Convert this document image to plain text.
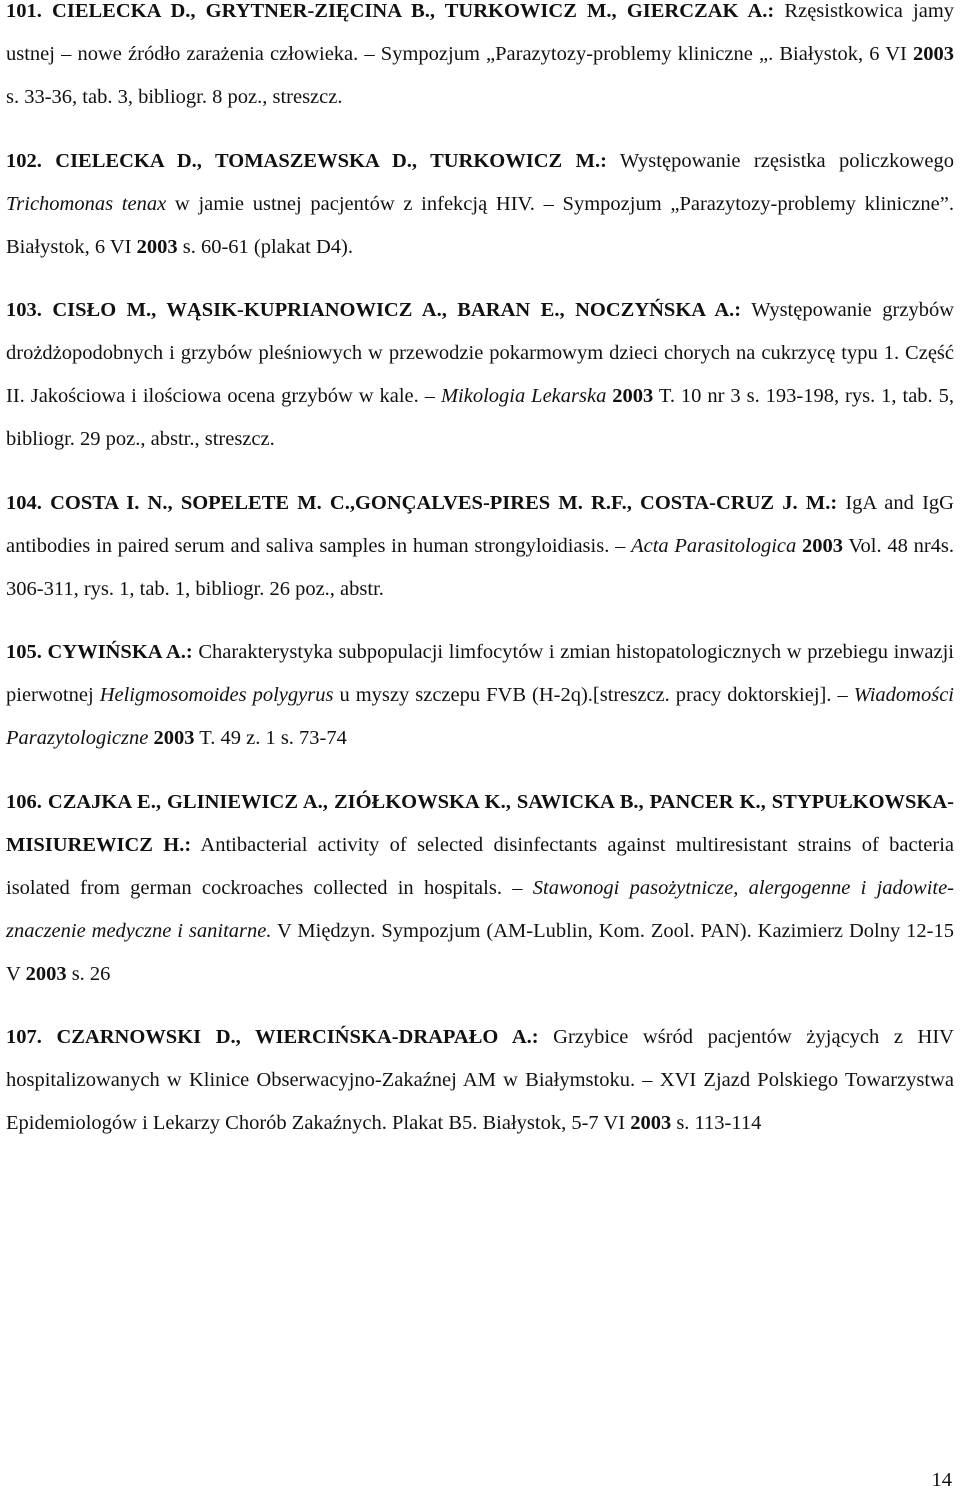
101. CIELECKA D., GRYTNER-ZIĘCINA B., TURKOWICZ M., GIERCZAK A.: Rzęsistkowica jamy ustnej – nowe źródło zarażenia człowieka. – Sympozjum „Parazytozy-problemy kliniczne „. Białystok, 6 VI 2003 s. 33-36, tab. 3, bibliogr. 8 poz., streszcz.

102. CIELECKA D., TOMASZEWSKA D., TURKOWICZ M.: Występowanie rzęsistka policzkowego Trichomonas tenax w jamie ustnej pacjentów z infekcją HIV. – Sympozjum „Parazytozy-problemy kliniczne”. Białystok, 6 VI 2003 s. 60-61 (plakat D4).

103. CISŁO M., WĄSIK-KUPRIANOWICZ A., BARAN E., NOCZYŃSKA A.: Występowanie grzybów drożdżopodobnych i grzybów pleśniowych w przewodzie pokarmowym dzieci chorych na cukrzycę typu 1. Część II. Jakościowa i ilościowa ocena grzybów w kale. – Mikologia Lekarska 2003 T. 10 nr 3 s. 193-198, rys. 1, tab. 5, bibliogr. 29 poz., abstr., streszcz.

104. COSTA I. N., SOPELETE M. C.,GONÇALVES-PIRES M. R.F., COSTA-CRUZ J. M.: IgA and IgG antibodies in paired serum and saliva samples in human strongyloidiasis. – Acta Parasitologica 2003 Vol. 48 nr4s. 306-311, rys. 1, tab. 1, bibliogr. 26 poz., abstr.

105. CYWIŃSKA A.: Charakterystyka subpopulacji limfocytów i zmian histopatologicznych w przebiegu inwazji pierwotnej Heligmosomoides polygyrus u myszy szczepu FVB (H-2q).[streszcz. pracy doktorskiej]. – Wiadomości Parazytologiczne 2003 T. 49 z. 1 s. 73-74

106. CZAJKA E., GLINIEWICZ A., ZIÓŁKOWSKA K., SAWICKA B., PANCER K., STYPUŁKOWSKA-MISIUREWICZ H.: Antibacterial activity of selected disinfectants against multiresistant strains of bacteria isolated from german cockroaches collected in hospitals. – Stawonogi pasożytnicze, alergogenne i jadowite-znaczenie medyczne i sanitarne. V Międzyn. Sympozjum (AM-Lublin, Kom. Zool. PAN). Kazimierz Dolny 12-15 V 2003 s. 26

107. CZARNOWSKI D., WIERCIŃSKA-DRAPAŁO A.: Grzybice wśród pacjentów żyjących z HIV hospitalizowanych w Klinice Obserwacyjno-Zakaźnej AM w Białymstoku. – XVI Zjazd Polskiego Towarzystwa Epidemiologów i Lekarzy Chorób Zakaźnych. Plakat B5. Białystok, 5-7 VI 2003 s. 113-114

14
